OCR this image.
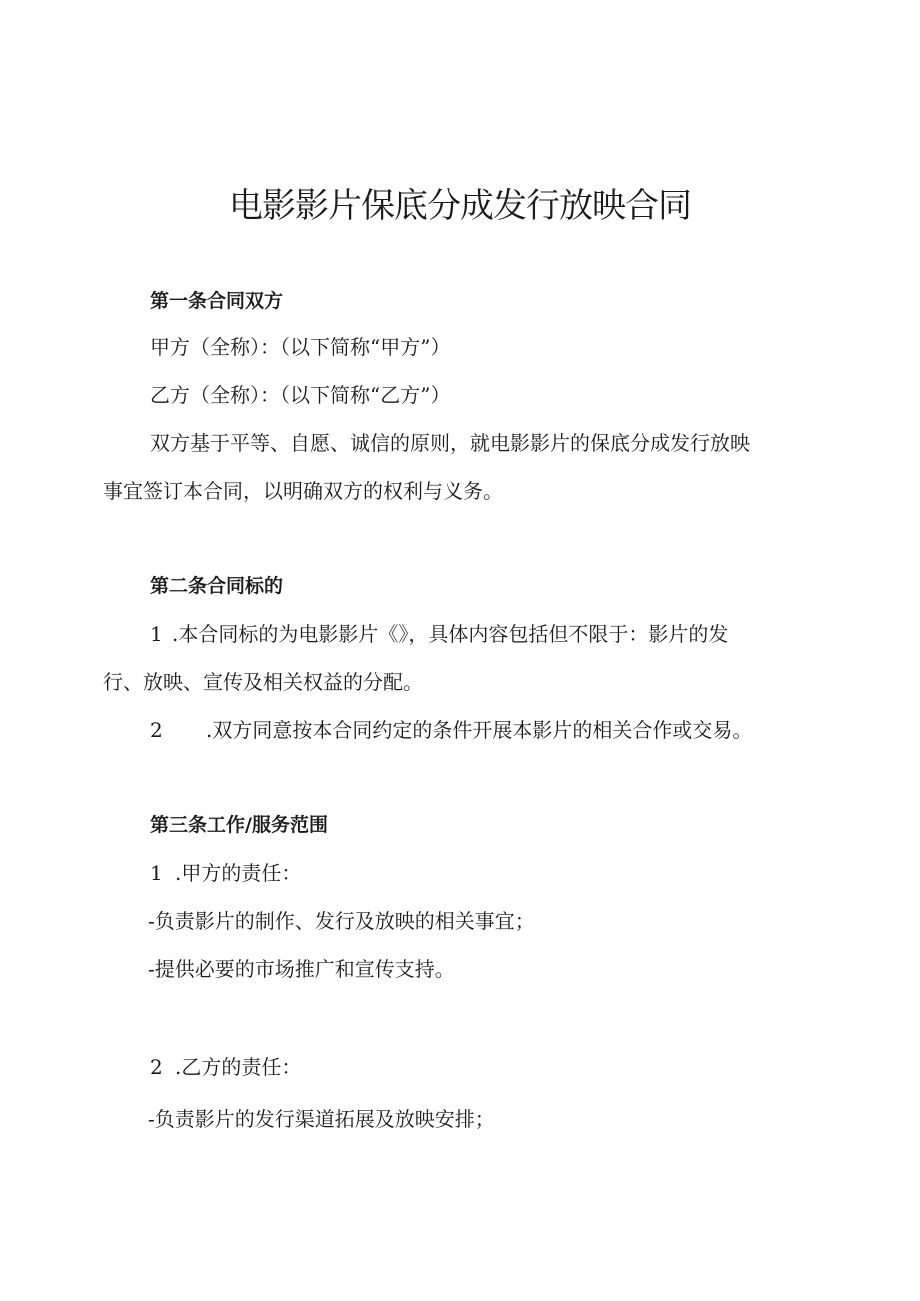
电影影片保底分成发行放映合同

第一条合同双方

甲方（全称）：（以下简称“甲方”）

乙方（全称）：（以下简称“乙方”）

双方基于平等、自愿、诚信的原则，就电影影片的保底分成发行放映

事宜签订本合同，以明确双方的权利与义务。

第二条合同标的

1 .本合同标的为电影影片《》，具体内容包括但不限于：影片的发

行、放映、宣传及相关权益的分配。

2 .双方同意按本合同约定的条件开展本影片的相关合作或交易。

第三条工作/服务范围

1 .甲方的责任：

-负责影片的制作、发行及放映的相关事宜；

-提供必要的市场推广和宣传支持。

2 .乙方的责任：

-负责影片的发行渠道拓展及放映安排；
